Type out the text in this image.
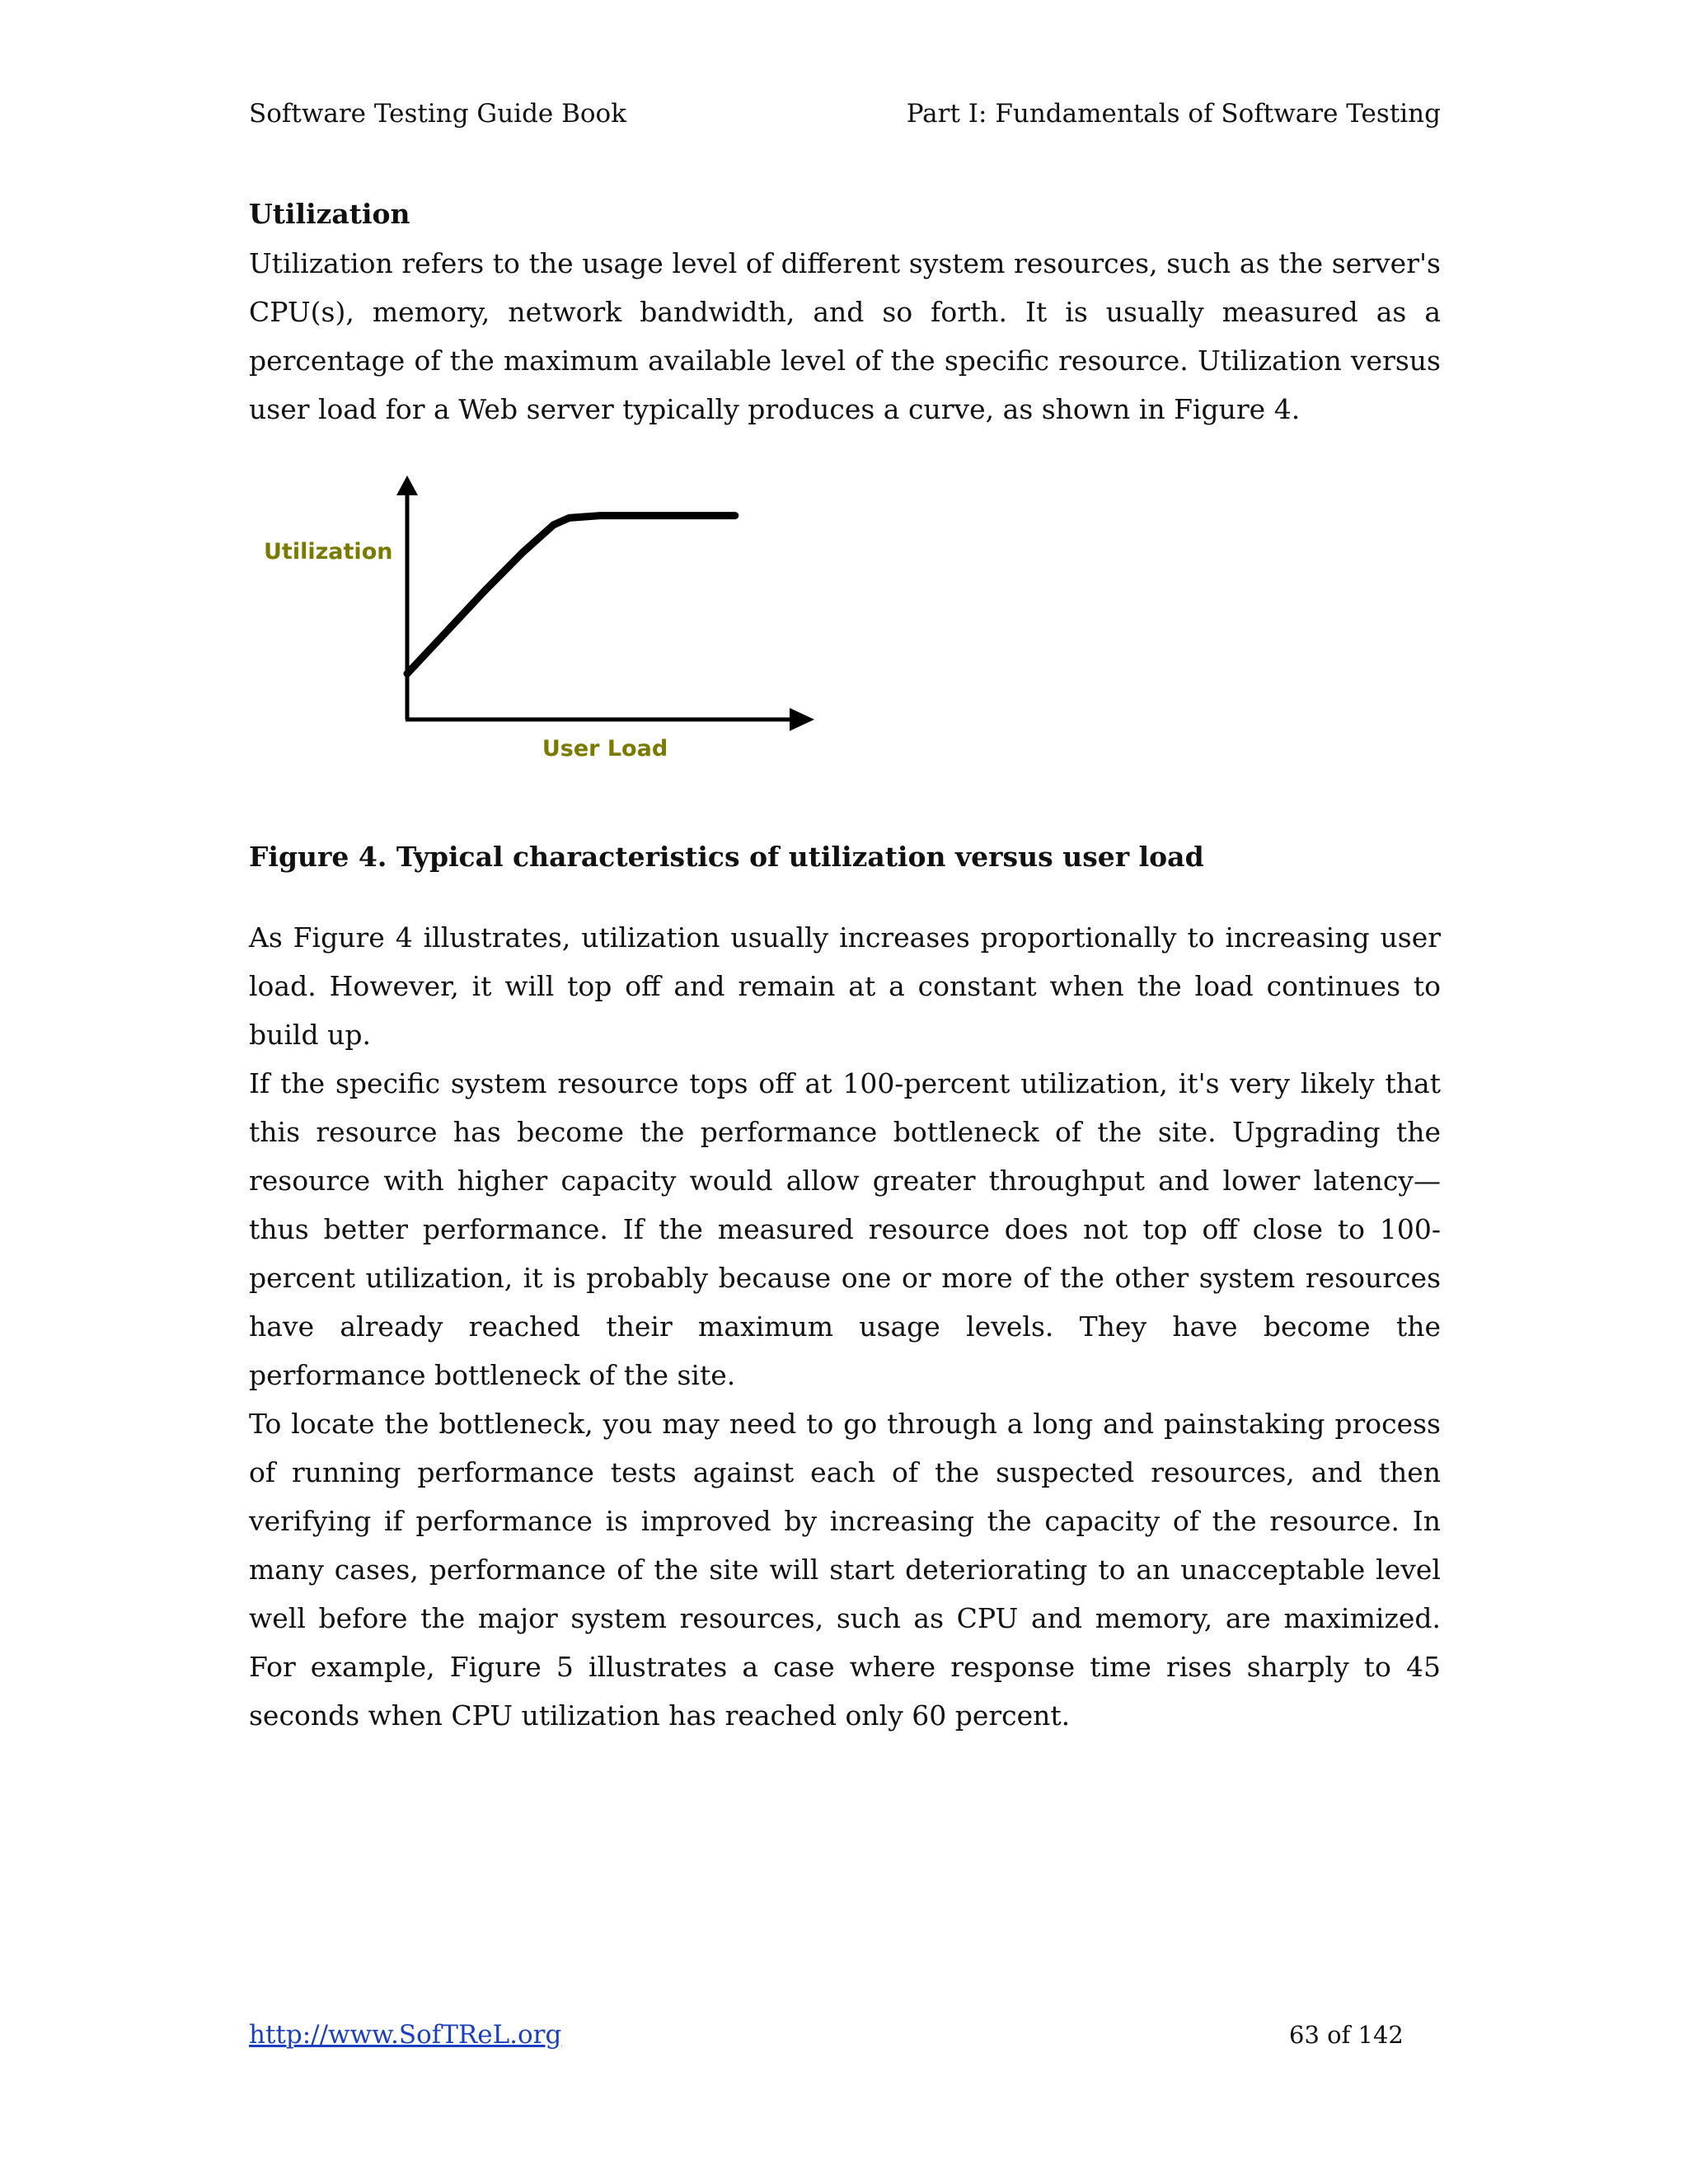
Software Testing Guide Book	Part I: Fundamentals of Software Testing
Utilization
Utilization refers to the usage level of different system resources, such as the server's CPU(s), memory, network bandwidth, and so forth. It is usually measured as a percentage of the maximum available level of the specific resource. Utilization versus user load for a Web server typically produces a curve, as shown in Figure 4.
Utilization
User Load
Figure 4. Typical characteristics of utilization versus user load
As Figure 4 illustrates, utilization usually increases proportionally to increasing user load. However, it will top off and remain at a constant when the load continues to build up.
If the specific system resource tops off at 100-percent utilization, it's very likely that this resource has become the performance bottleneck of the site. Upgrading the resource with higher capacity would allow greater throughput and lower latency—thus better performance. If the measured resource does not top off close to 100-percent utilization, it is probably because one or more of the other system resources have already reached their maximum usage levels. They have become the performance bottleneck of the site.
To locate the bottleneck, you may need to go through a long and painstaking process of running performance tests against each of the suspected resources, and then verifying if performance is improved by increasing the capacity of the resource. In many cases, performance of the site will start deteriorating to an unacceptable level well before the major system resources, such as CPU and memory, are maximized. For example, Figure 5 illustrates a case where response time rises sharply to 45 seconds when CPU utilization has reached only 60 percent.
http://www.SofTReL.org	63 of 142
